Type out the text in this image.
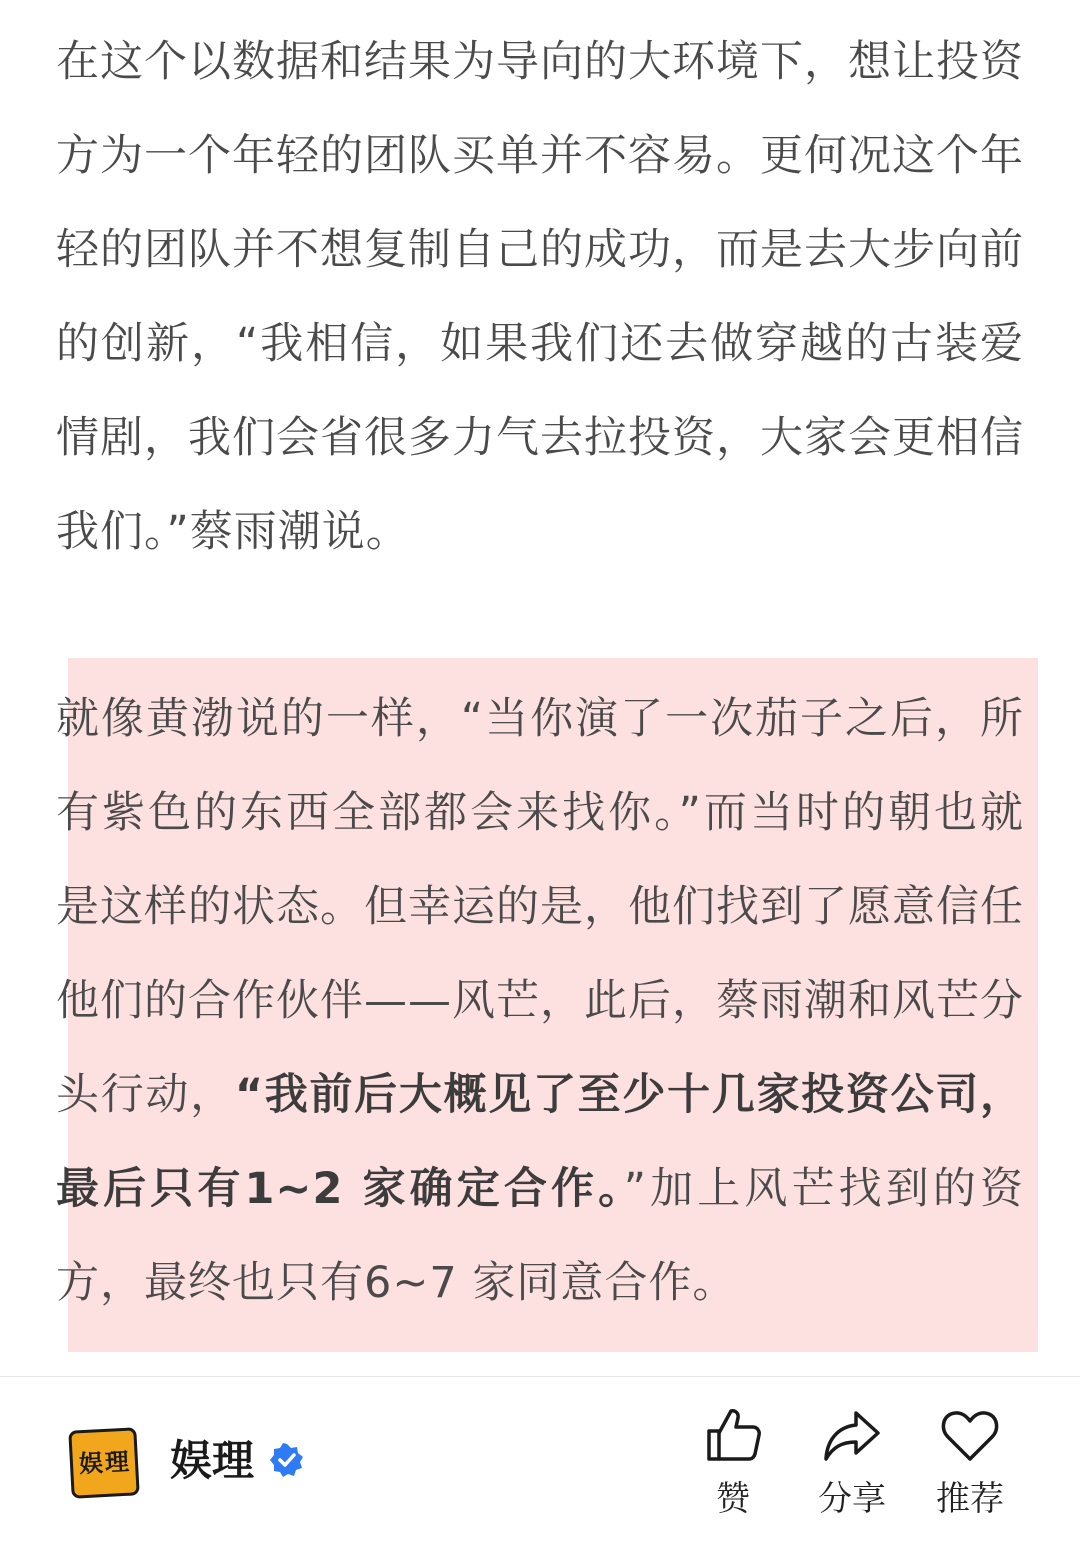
在这个以数据和结果为导向的大环境下，想让投资方为一个年轻的团队买单并不容易。更何况这个年轻的团队并不想复制自己的成功，而是去大步向前的创新，“我相信，如果我们还去做穿越的古装爱情剧，我们会省很多力气去拉投资，大家会更相信我们。”蔡雨潮说。

就像黄渤说的一样，“当你演了一次茄子之后，所有紫色的东西全部都会来找你。”而当时的朝也就是这样的状态。但幸运的是，他们找到了愿意信任他们的合作伙伴——风芒，此后，蔡雨潮和风芒分头行动，“我前后大概见了至少十几家投资公司，最后只有1~2 家确定合作。”加上风芒找到的资方，最终也只有6~7 家同意合作。

娱 理 娱理
赞 分享 推荐
